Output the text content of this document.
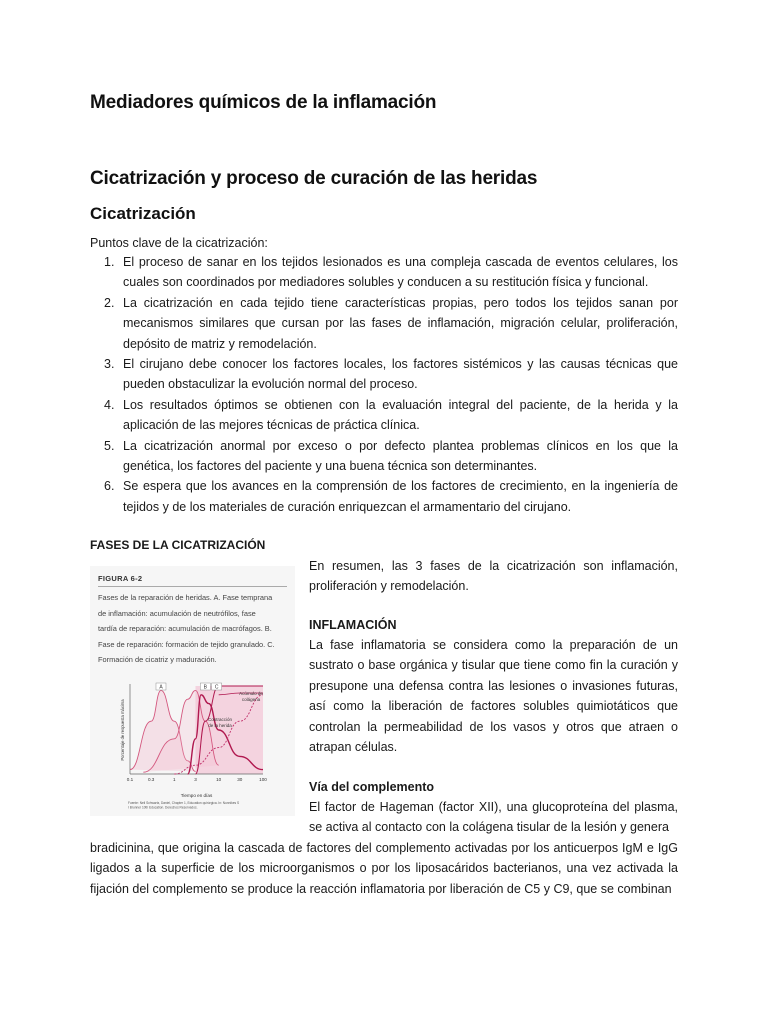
Mediadores químicos de la inflamación
Cicatrización y proceso de curación de las heridas
Cicatrización
Puntos clave de la cicatrización:
1. El proceso de sanar en los tejidos lesionados es una compleja cascada de eventos celulares, los cuales son coordinados por mediadores solubles y conducen a su restitución física y funcional.
2. La cicatrización en cada tejido tiene características propias, pero todos los tejidos sanan por mecanismos similares que cursan por las fases de inflamación, migración celular, proliferación, depósito de matriz y remodelación.
3. El cirujano debe conocer los factores locales, los factores sistémicos y las causas técnicas que pueden obstaculizar la evolución normal del proceso.
4. Los resultados óptimos se obtienen con la evaluación integral del paciente, de la herida y la aplicación de las mejores técnicas de práctica clínica.
5. La cicatrización anormal por exceso o por defecto plantea problemas clínicos en los que la genética, los factores del paciente y una buena técnica son determinantes.
6. Se espera que los avances en la comprensión de los factores de crecimiento, en la ingeniería de tejidos y de los materiales de curación enriquezcan el armamentario del cirujano.
FASES DE LA CICATRIZACIÓN
FIGURA 6-2
Fases de la reparación de heridas. A. Fase temprana
de inflamación: acumulación de neutrófilos, fase
tardía de reparación: acumulación de macrófagos. B.
Fase de reparación: formación de tejido granulado. C.
Formación de cicatriz y maduración.
A	B C
Acúmulo de
colágena
Contracción
de la herida
0.1	0.3	1	3	10	30	100
Tiempo en días
Porcentaje de respuesta máxima
Fuente: Neil Schwartz, Daniel, Chapter 1, Education quirúrgica. In: Nunnikes S
I Brunner 10th Education. Derechos Reservados.
En resumen, las 3 fases de la cicatrización son inflamación, proliferación y remodelación.
INFLAMACIÓN
La fase inflamatoria se considera como la preparación de un sustrato o base orgánica y tisular que tiene como fin la curación y presupone una defensa contra las lesiones o invasiones futuras, así como la liberación de factores solubles quimiotáticos que controlan la permeabilidad de los vasos y otros que atraen o atrapan células.
Vía del complemento
El factor de Hageman (factor XII), una glucoproteína del plasma, se activa al contacto con la colágena tisular de la lesión y genera
bradicinina, que origina la cascada de factores del complemento activadas por los anticuerpos IgM e IgG ligados a la superficie de los microorganismos o por los liposacáridos bacterianos, una vez activada la fijación del complemento se produce la reacción inflamatoria por liberación de C5 y C9, que se combinan
